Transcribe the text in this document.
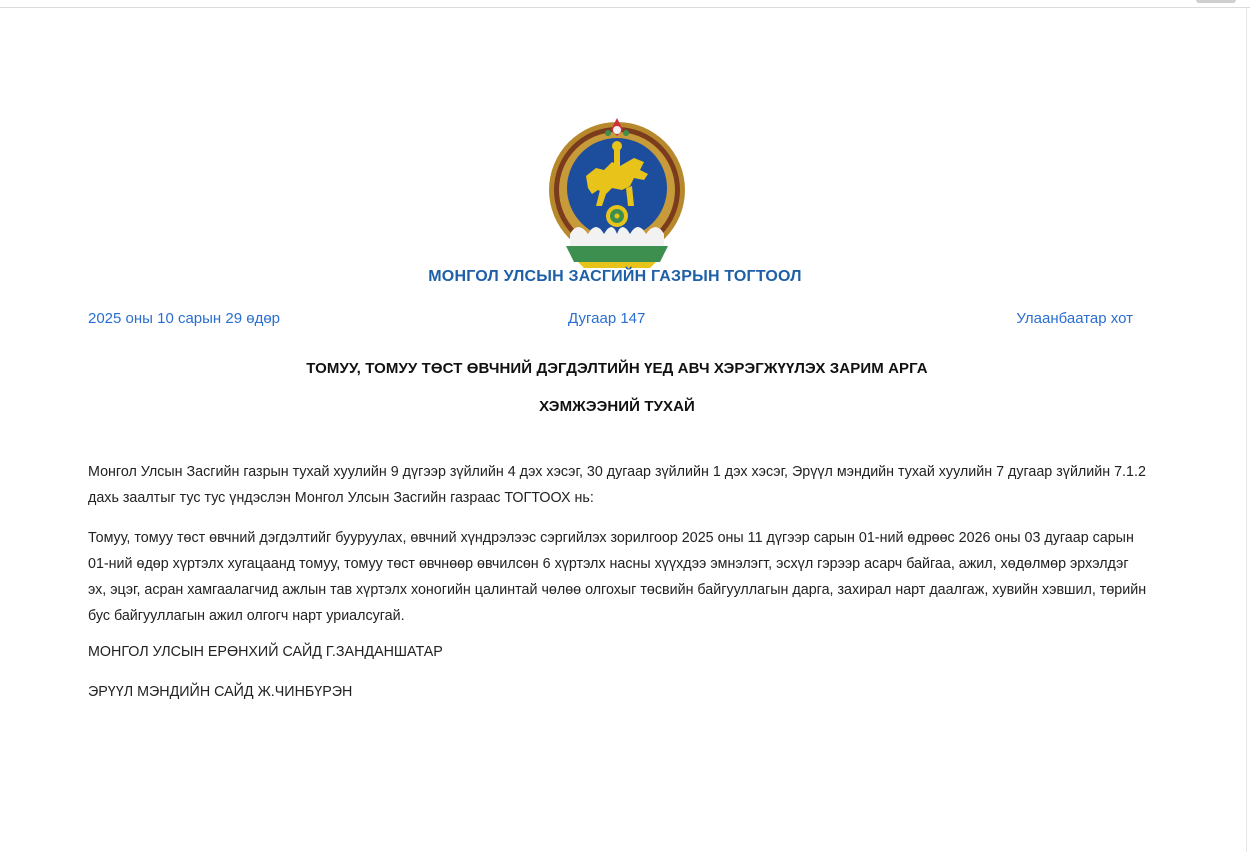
МОНГОЛ УЛСЫН ЗАСГИЙН ГАЗРЫН ТОГТООЛ
2025 оны 10 сарын 29 өдөр	Дугаар 147	Улаанбаатар хот
ТОМУУ, ТОМУУ ТӨСТ ӨВЧНИЙ ДЭГДЭЛТИЙН ҮЕД АВЧ ХЭРЭГЖҮҮЛЭХ ЗАРИМ АРГА
ХЭМЖЭЭНИЙ ТУХАЙ

Монгол Улсын Засгийн газрын тухай хуулийн 9 дүгээр зүйлийн 4 дэх хэсэг, 30 дугаар зүйлийн 1 дэх хэсэг, Эрүүл мэндийн тухай хуулийн 7 дугаар зүйлийн 7.1.2 дахь заалтыг тус тус үндэслэн Монгол Улсын Засгийн газраас ТОГТООХ нь:

Томуу, томуу төст өвчний дэгдэлтийг бууруулах, өвчний хүндрэлээс сэргийлэх зорилгоор 2025 оны 11 дүгээр сарын 01-ний өдрөөс 2026 оны 03 дугаар сарын 01-ний өдөр хүртэлх хугацаанд томуу, томуу төст өвчнөөр өвчилсөн 6 хүртэлх насны хүүхдээ эмнэлэгт, эсхүл гэрээр асарч байгаа, ажил, хөдөлмөр эрхэлдэг эх, эцэг, асран хамгаалагчид ажлын тав хүртэлх хоногийн цалинтай чөлөө олгохыг төсвийн байгууллагын дарга, захирал нарт даалгаж, хувийн хэвшил, төрийн бус байгууллагын ажил олгогч нарт уриалсугай.

МОНГОЛ УЛСЫН ЕРӨНХИЙ САЙД Г.ЗАНДАНШАТАР
ЭРҮҮЛ МЭНДИЙН САЙД Ж.ЧИНБҮРЭН
